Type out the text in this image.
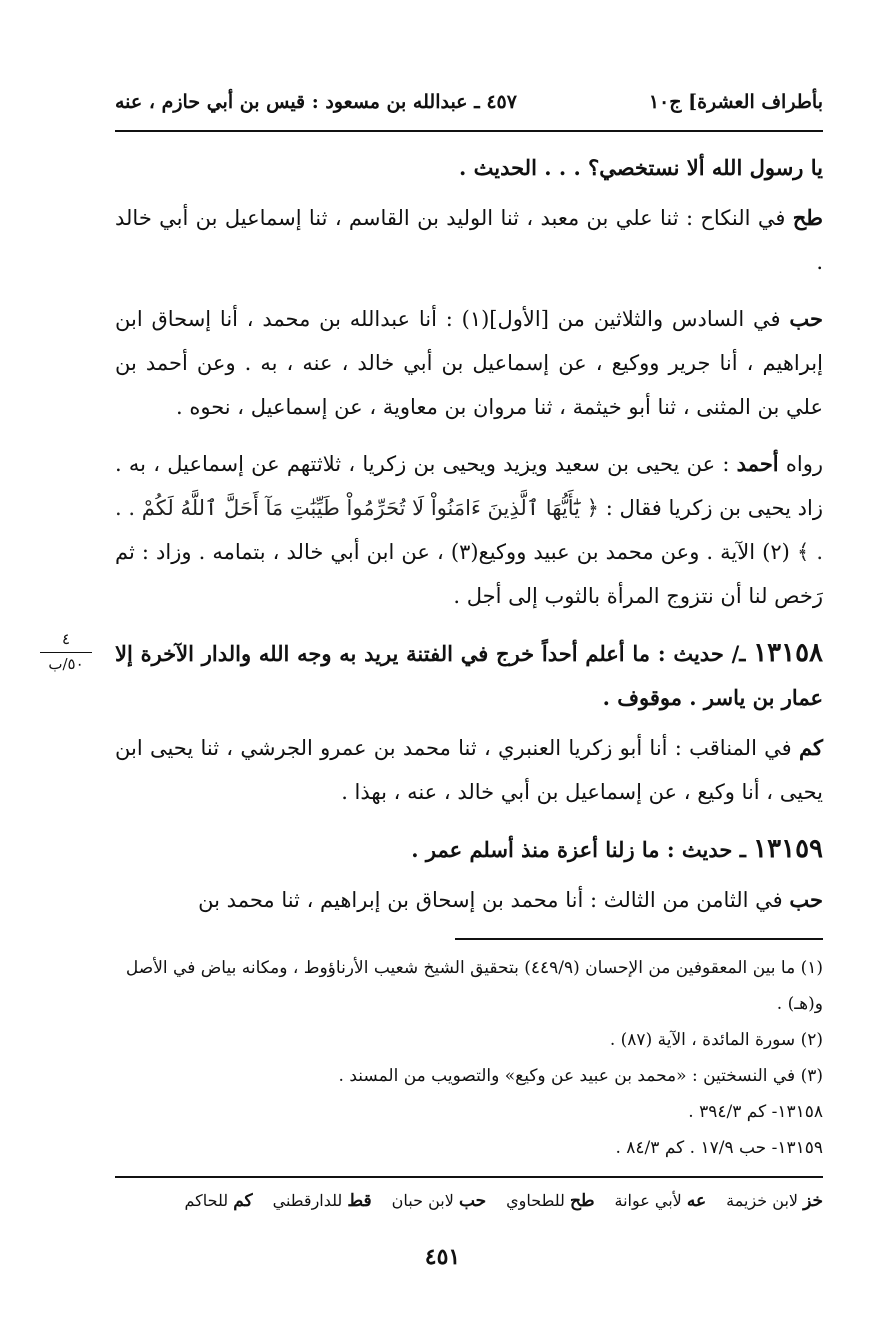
بأطراف العشرة] ج١٠
٤٥٧ ـ عبدالله بن مسعود : قيس بن أبي حازم ، عنه

يا رسول الله ألا نستخصي؟ . . . الحديث .

طح في النكاح : ثنا علي بن معبد ، ثنا الوليد بن القاسم ، ثنا إسماعيل بن أبي خالد .

حب في السادس والثلاثين من [الأول](١) : أنا عبدالله بن محمد ، أنا إسحاق ابن إبراهيم ، أنا جرير ووكيع ، عن إسماعيل بن أبي خالد ، عنه ، به . وعن أحمد بن علي بن المثنى ، ثنا أبو خيثمة ، ثنا مروان بن معاوية ، عن إسماعيل ، نحوه .

رواه أحمد : عن يحيى بن سعيد ويزيد ويحيى بن زكريا ، ثلاثتهم عن إسماعيل ، به . زاد يحيى بن زكريا فقال : ﴿ يَٰٓأَيُّهَا ٱلَّذِينَ ءَامَنُواْ لَا تُحَرِّمُواْ طَيِّبَٰتِ مَآ أَحَلَّ ٱللَّهُ لَكُمْ . . . ﴾ (٢) الآية . وعن محمد بن عبيد ووكيع(٣) ، عن ابن أبي خالد ، بتمامه . وزاد : ثم رَخص لنا أن نتزوج المرأة بالثوب إلى أجل .

١٣١٥٨ ـ/ حديث : ما أعلم أحداً خرج في الفتنة يريد به وجه الله والدار الآخرة إلا عمار بن ياسر . موقوف .

كم في المناقب : أنا أبو زكريا العنبري ، ثنا محمد بن عمرو الجرشي ، ثنا يحيى ابن يحيى ، أنا وكيع ، عن إسماعيل بن أبي خالد ، عنه ، بهذا .

١٣١٥٩ ـ حديث : ما زلنا أعزة منذ أسلم عمر .

حب في الثامن من الثالث : أنا محمد بن إسحاق بن إبراهيم ، ثنا محمد بن

٤
٥٠/ب

(١) ما بين المعقوفين من الإحسان (٤٤٩/٩) بتحقيق الشيخ شعيب الأرناؤوط ، ومكانه بياض في الأصل و(هـ) .

(٢) سورة المائدة ، الآية (٨٧) .

(٣) في النسختين : «محمد بن عبيد عن وكيع» والتصويب من المسند .

١٣١٥٨- كم ٣٩٤/٣ .

١٣١٥٩- حب ١٧/٩ . كم ٨٤/٣ .

خز لابن خزيمة
عه لأبي عوانة
طح للطحاوي
حب لابن حبان
قط للدارقطني
كم للحاكم
٤٥١
